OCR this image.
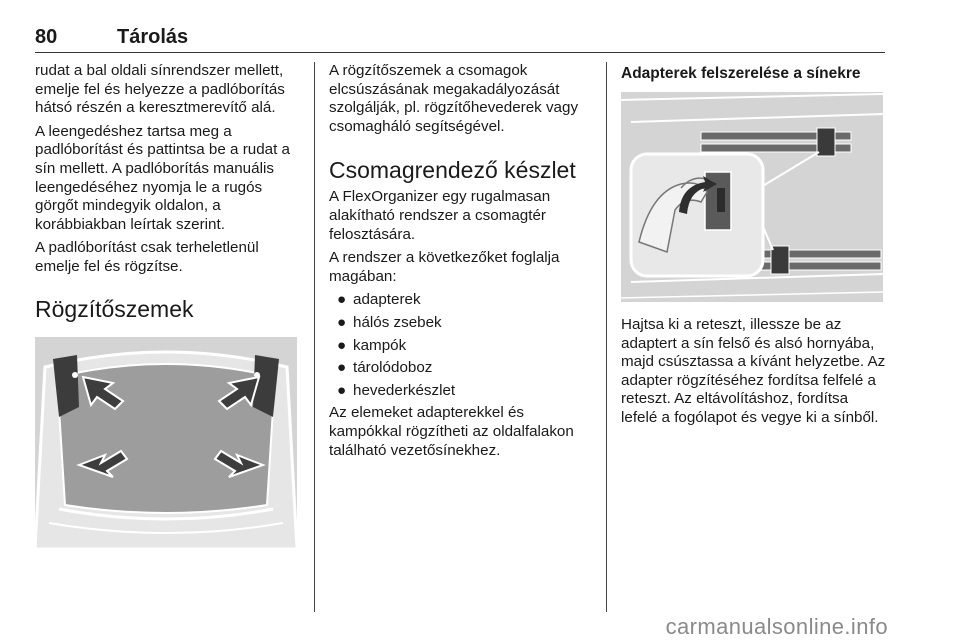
80	Tárolás

rudat a bal oldali sínrendszer mellett, emelje fel és helyezze a padlóborítás hátsó részén a keresztmerevítő alá.

A leengedéshez tartsa meg a padlóborítást és pattintsa be a rudat a sín mellett. A padlóborítás manuális leengedéséhez nyomja le a rugós görgőt mindegyik oldalon, a korábbiakban leírtak szerint.

A padlóborítást csak terheletlenül emelje fel és rögzítse.

Rögzítőszemek

A rögzítőszemek a csomagok elcsúszásának megakadályozását szolgálják, pl. rögzítőhevederek vagy csomagháló segítségével.

Csomagrendező készlet

A FlexOrganizer egy rugalmasan alakítható rendszer a csomagtér felosztására.

A rendszer a következőket foglalja magában:

● adapterek
● hálós zsebek
● kampók
● tárolódoboz
● hevederkészlet

Az elemeket adapterekkel és kampókkal rögzítheti az oldalfalakon található vezetősínekhez.

Adapterek felszerelése a sínekre

Hajtsa ki a reteszt, illessze be az adaptert a sín felső és alsó hornyába, majd csúsztassa a kívánt helyzetbe. Az adapter rögzítéséhez fordítsa felfelé a reteszt. Az eltávolításhoz, fordítsa lefelé a fogólapot és vegye ki a sínből.

carmanualsonline.info
